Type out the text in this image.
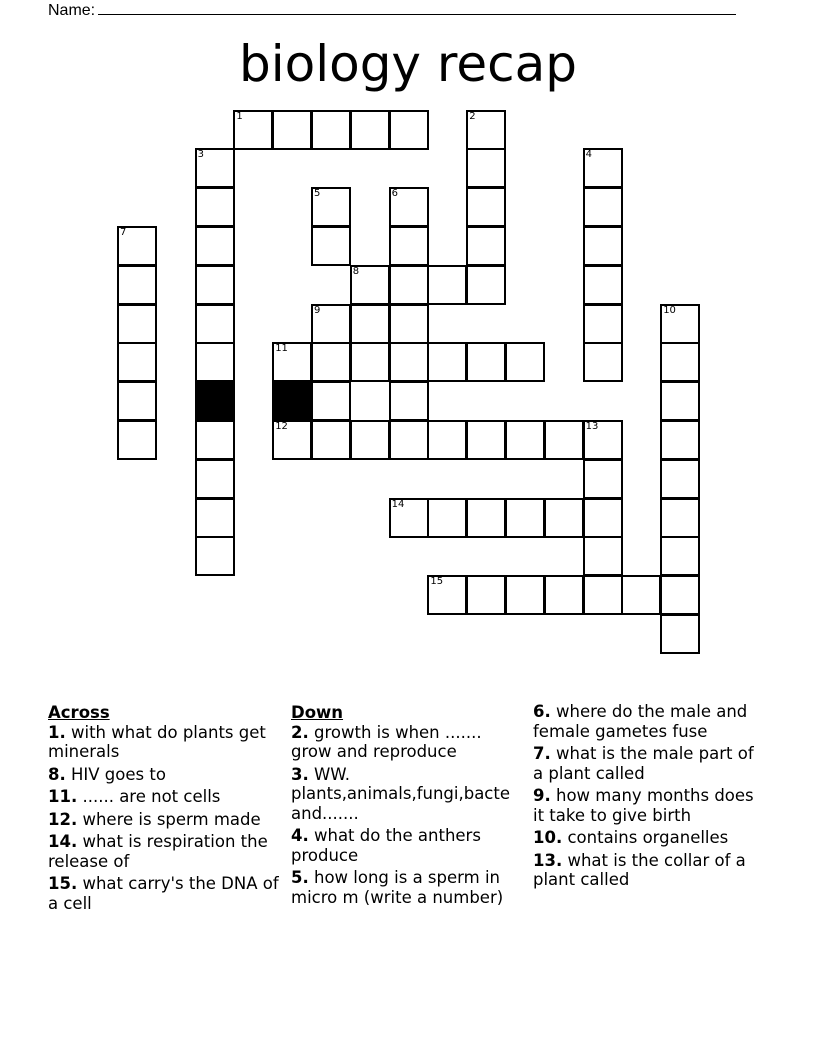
Name:
biology recap
1	2
3	4
5	6
7
8
9	10
11
12	13
14
15
Across
1. with what do plants get minerals
8. HIV goes to
11. ...... are not cells
12. where is sperm made
14. what is respiration the release of
15. what carry's the DNA of a cell
Down
2. growth is when ....... grow and reproduce
3. WW. plants,animals,fungi,bacte and.......
4. what do the anthers produce
5. how long is a sperm in micro m (write a number)
6. where do the male and female gametes fuse
7. what is the male part of a plant called
9. how many months does it take to give birth
10. contains organelles
13. what is the collar of a plant called
